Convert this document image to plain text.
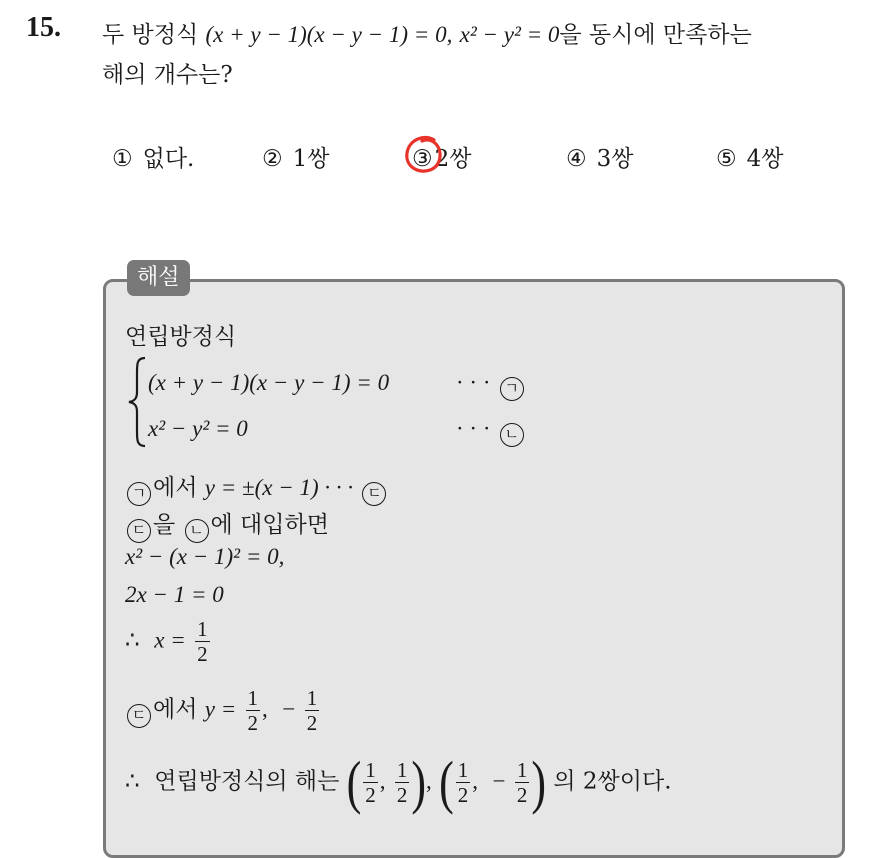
15. 두 방정식 (x + y − 1)(x − y − 1) = 0, x² − y² = 0을 동시에 만족하는
해의 개수는?
① 없다.	② 1쌍	③2쌍	④ 3쌍	⑤ 4쌍
해설
연립방정식
(x + y − 1)(x − y − 1) = 0	· · · ㄱ
x² − y² = 0	· · · ㄴ
ㄱ 에서 y = ±(x − 1) · · · ㄷ
ㄷ 을 ㄴ 에 대입하면
x² − (x − 1)² = 0,
2x − 1 = 0
∴ $x = \frac{1}{2}$
ㄷ 에서 $y = \frac{1}{2}$ , − $\frac{1}{2}$
∴ 연립방정식의 해는 ( $\frac{1}{2}$ , $\frac{1}{2}$ ), ( $\frac{1}{2}$ , − $\frac{1}{2}$ ) 의 2쌍이다.
